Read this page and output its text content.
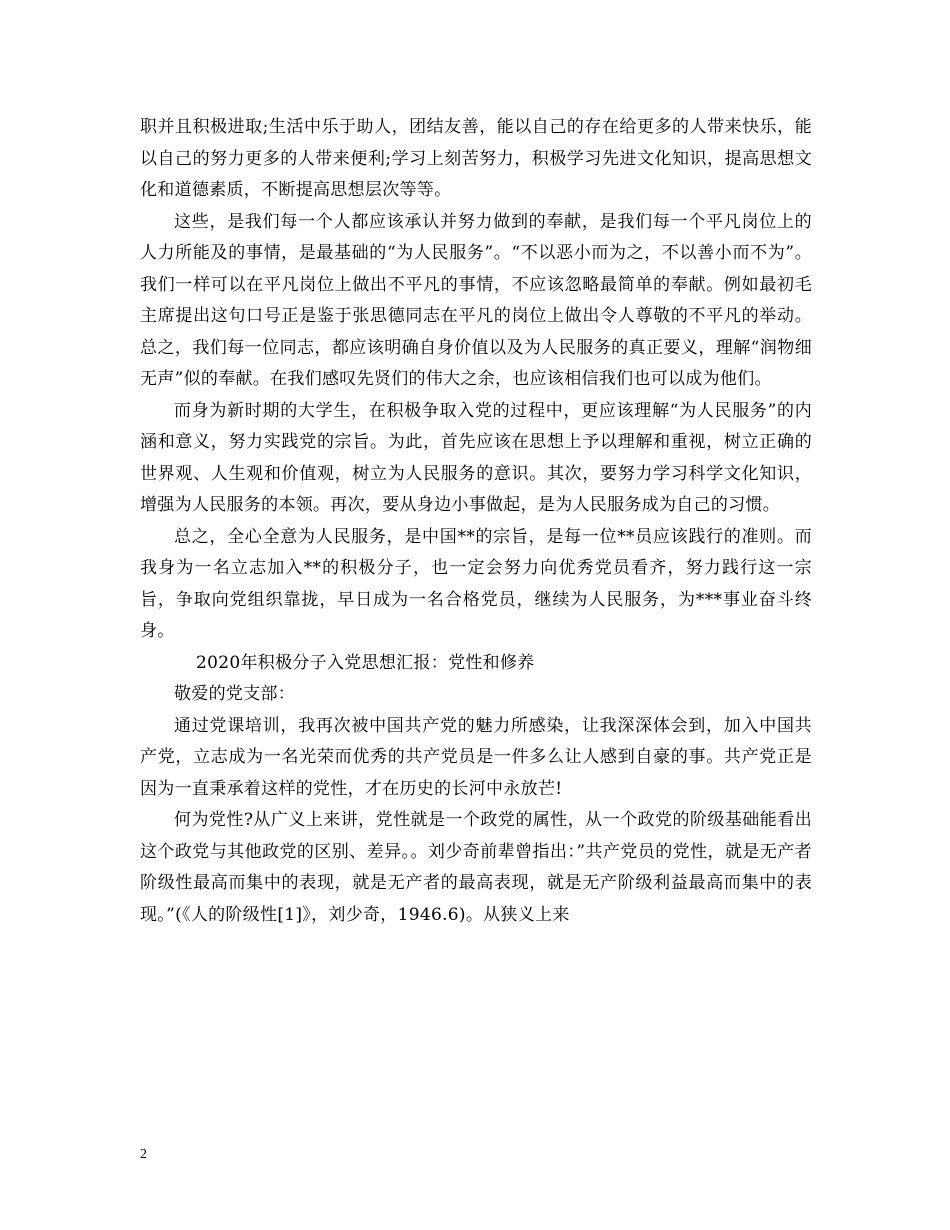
职并且积极进取;生活中乐于助人，团结友善，能以自己的存在给更多的人带来快乐，能以自己的努力更多的人带来便利;学习上刻苦努力，积极学习先进文化知识，提高思想文化和道德素质，不断提高思想层次等等。

这些，是我们每一个人都应该承认并努力做到的奉献，是我们每一个平凡岗位上的人力所能及的事情，是最基础的“为人民服务”。“不以恶小而为之，不以善小而不为”。我们一样可以在平凡岗位上做出不平凡的事情，不应该忽略最简单的奉献。例如最初毛主席提出这句口号正是鉴于张思德同志在平凡的岗位上做出令人尊敬的不平凡的举动。总之，我们每一位同志，都应该明确自身价值以及为人民服务的真正要义，理解“润物细无声”似的奉献。在我们感叹先贤们的伟大之余，也应该相信我们也可以成为他们。

而身为新时期的大学生，在积极争取入党的过程中，更应该理解“为人民服务”的内涵和意义，努力实践党的宗旨。为此，首先应该在思想上予以理解和重视，树立正确的世界观、人生观和价值观，树立为人民服务的意识。其次，要努力学习科学文化知识，增强为人民服务的本领。再次，要从身边小事做起，是为人民服务成为自己的习惯。

总之，全心全意为人民服务，是中国**的宗旨，是每一位**员应该践行的准则。而我身为一名立志加入**的积极分子，也一定会努力向优秀党员看齐，努力践行这一宗旨，争取向党组织靠拢，早日成为一名合格党员，继续为人民服务，为***事业奋斗终身。

2020年积极分子入党思想汇报：党性和修养

敬爱的党支部：

通过党课培训，我再次被中国共产党的魅力所感染，让我深深体会到，加入中国共产党，立志成为一名光荣而优秀的共产党员是一件多么让人感到自豪的事。共产党正是因为一直秉承着这样的党性，才在历史的长河中永放芒!

何为党性?从广义上来讲，党性就是一个政党的属性，从一个政党的阶级基础能看出这个政党与其他政党的区别、差异。。刘少奇前辈曾指出：”共产党员的党性，就是无产者阶级性最高而集中的表现，就是无产者的最高表现，就是无产阶级利益最高而集中的表现。”(《人的阶级性[1]》，刘少奇，1946.6)。从狭义上来

2
